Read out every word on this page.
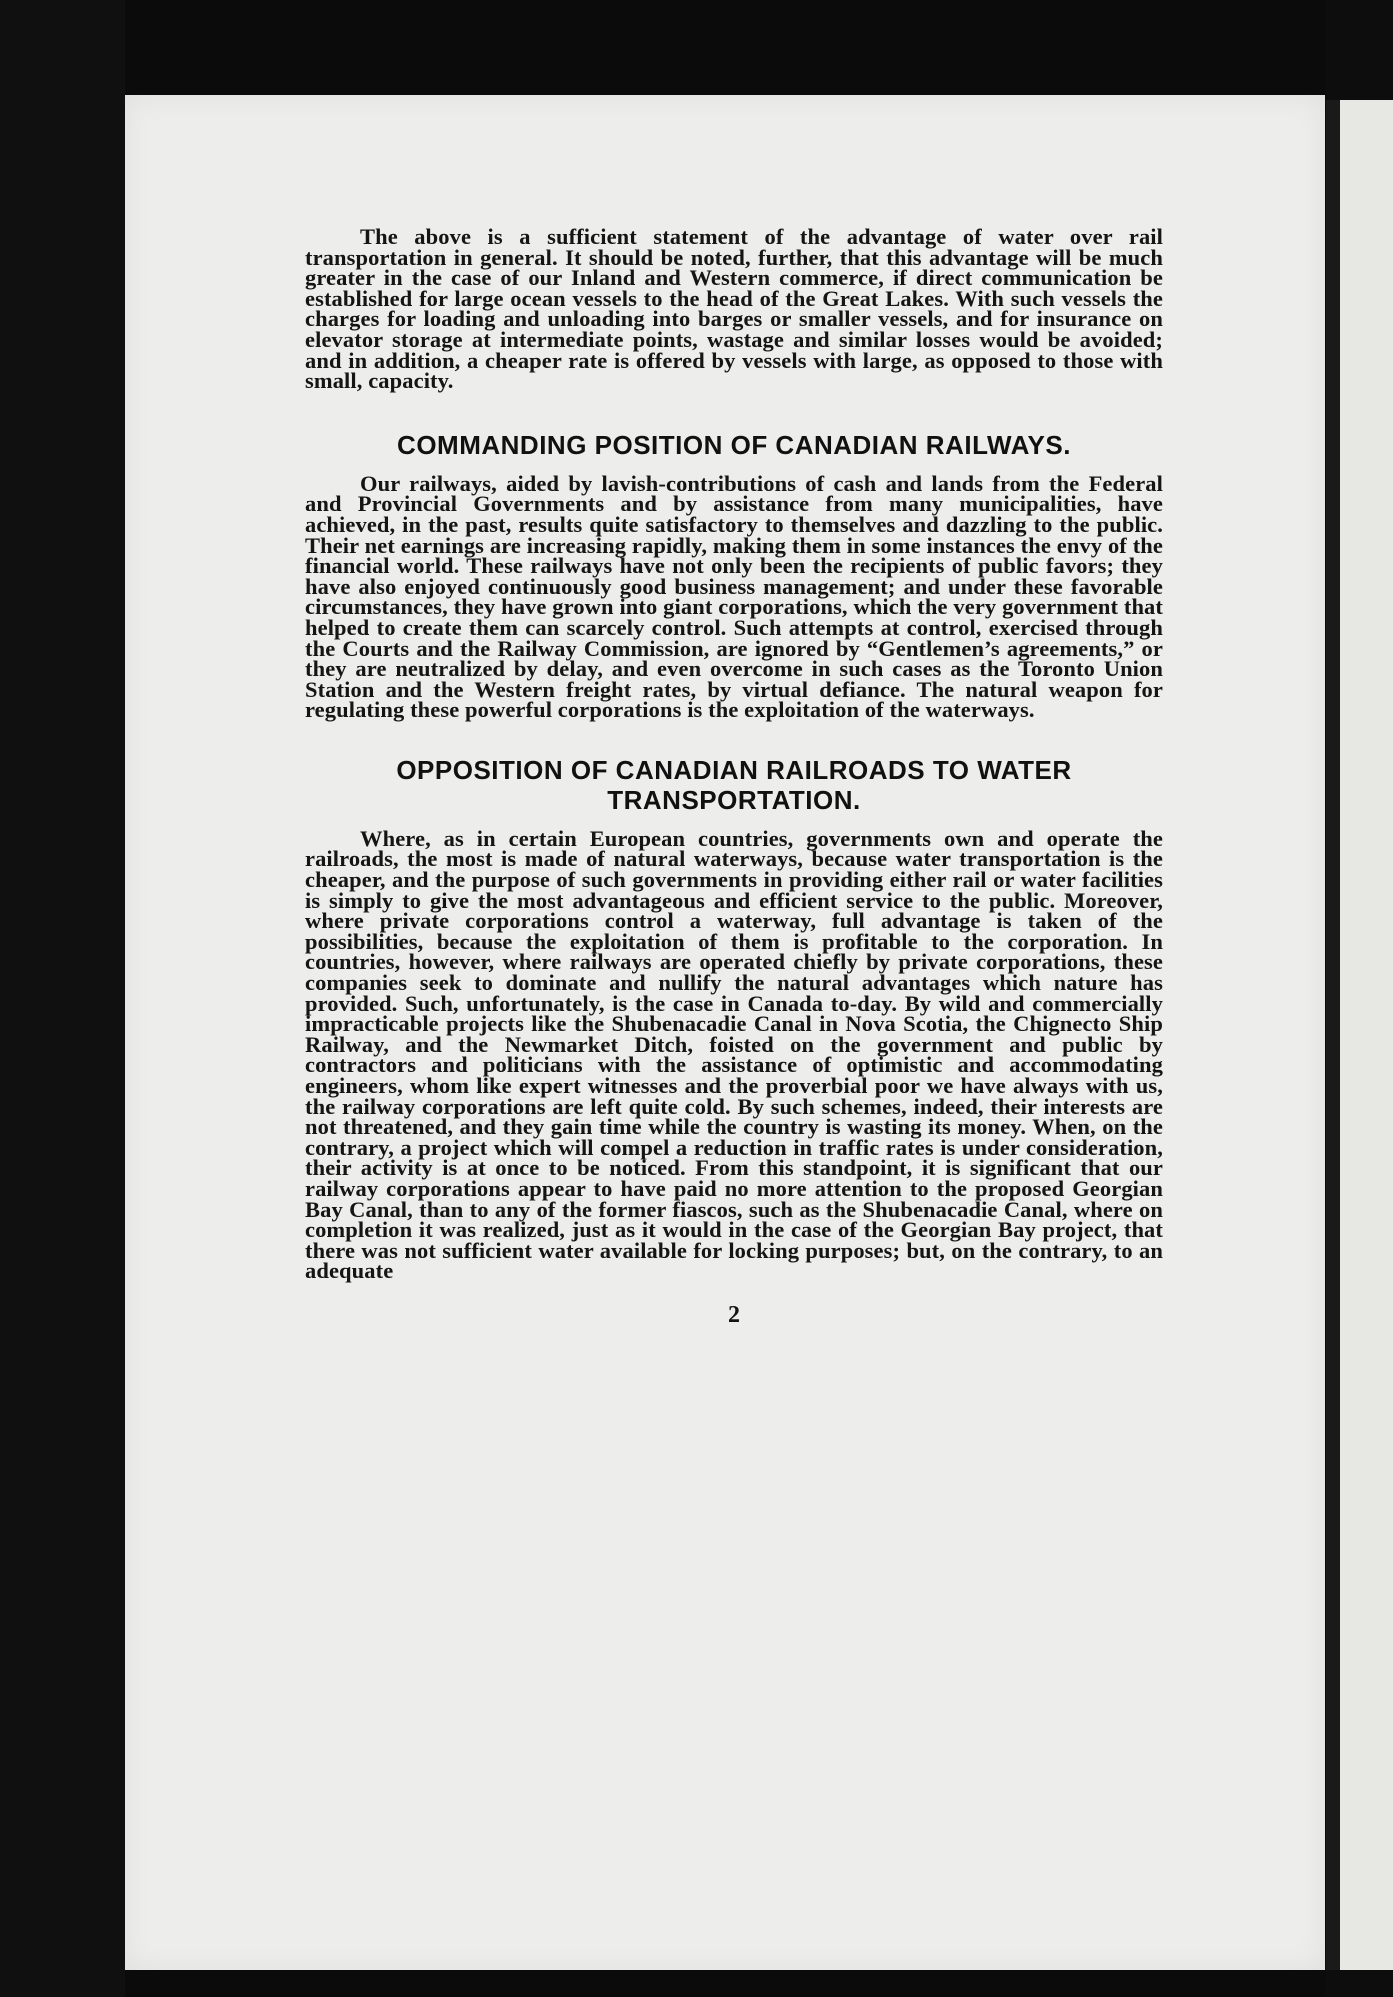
The above is a sufficient statement of the advantage of water over rail transportation in general. It should be noted, further, that this advantage will be much greater in the case of our Inland and Western commerce, if direct communication be established for large ocean vessels to the head of the Great Lakes. With such vessels the charges for loading and unloading into barges or smaller vessels, and for insurance on elevator storage at intermediate points, wastage and similar losses would be avoided; and in addition, a cheaper rate is offered by vessels with large, as opposed to those with small, capacity.

COMMANDING POSITION OF CANADIAN RAILWAYS.

Our railways, aided by lavish-contributions of cash and lands from the Federal and Provincial Governments and by assistance from many municipalities, have achieved, in the past, results quite satisfactory to themselves and dazzling to the public. Their net earnings are increasing rapidly, making them in some instances the envy of the financial world. These railways have not only been the recipients of public favors; they have also enjoyed continuously good business management; and under these favorable circumstances, they have grown into giant corporations, which the very government that helped to create them can scarcely control. Such attempts at control, exercised through the Courts and the Railway Commission, are ignored by “Gentlemen’s agreements,” or they are neutralized by delay, and even overcome in such cases as the Toronto Union Station and the Western freight rates, by virtual defiance. The natural weapon for regulating these powerful corporations is the exploitation of the waterways.

OPPOSITION OF CANADIAN RAILROADS TO WATER TRANSPORTATION.

Where, as in certain European countries, governments own and operate the railroads, the most is made of natural waterways, because water transportation is the cheaper, and the purpose of such governments in providing either rail or water facilities is simply to give the most advantageous and efficient service to the public. Moreover, where private corporations control a waterway, full advantage is taken of the possibilities, because the exploitation of them is profitable to the corporation. In countries, however, where railways are operated chiefly by private corporations, these companies seek to dominate and nullify the natural advantages which nature has provided. Such, unfortunately, is the case in Canada to-day. By wild and commercially impracticable projects like the Shubenacadie Canal in Nova Scotia, the Chignecto Ship Railway, and the Newmarket Ditch, foisted on the government and public by contractors and politicians with the assistance of optimistic and accommodating engineers, whom like expert witnesses and the proverbial poor we have always with us, the railway corporations are left quite cold. By such schemes, indeed, their interests are not threatened, and they gain time while the country is wasting its money. When, on the contrary, a project which will compel a reduction in traffic rates is under consideration, their activity is at once to be noticed. From this standpoint, it is significant that our railway corporations appear to have paid no more attention to the proposed Georgian Bay Canal, than to any of the former fiascos, such as the Shubenacadie Canal, where on completion it was realized, just as it would in the case of the Georgian Bay project, that there was not sufficient water available for locking purposes; but, on the contrary, to an adequate

2
